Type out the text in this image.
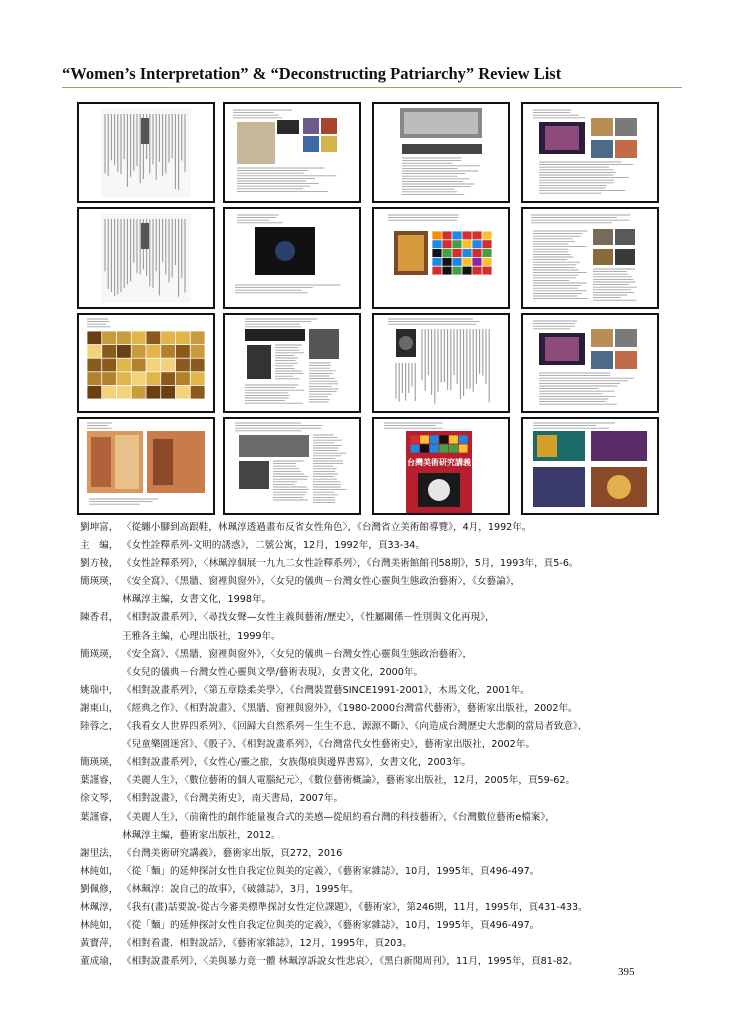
“Women’s Interpretation” & “Deconstructing Patriarchy” Review List
台灣美術研究講義
劉坤富， 〈從纏小腳到高跟鞋，林珮淳透過畫布反省女性角色〉，《台灣省立美術館導覽》，4月，1992年。
主　編， 《女性詮釋系列-文明的誘惑》，二號公寓，12月，1992年，頁33-34。
劉方稜， 《女性詮釋系列》，〈林珮淳個展一九九二女性詮釋系列〉，《台灣美術館館刊58期》，5月，1993年，頁5-6。
簡瑛瑛， 《安全窩》、《黑牆、窗裡與窗外》，〈女兒的儀典－台灣女性心靈與生態政治藝術〉，《女藝論》，
林珮淳主編，女書文化，1998年。
陳香君， 《相對說畫系列》，〈尋找女聲—女性主義與藝術/歷史〉，《性屬關係－性別與文化再現》，
王雅各主編，心理出版社，1999年。
簡瑛瑛， 《安全窩》、《黑牆、窗裡與窗外》，〈女兒的儀典－台灣女性心靈與生態政治藝術〉，
《女兒的儀典－台灣女性心靈與文學/藝術表現》，女書文化，2000年。
姚瑞中， 《相對說畫系列》，〈第五章陰柔美學〉，《台灣裝置藝SINCE1991-2001》，木馬文化，2001年。
謝東山， 《經典之作》、《相對說畫》、《黑牆、窗裡與窗外》，《1980-2000台灣當代藝術》，藝術家出版社，2002年。
陸蓉之， 《我看女人世界四系列》、《回歸大自然系列－生生不息、源源不斷》、《向造成台灣歷史大悲劇的當局者致意》、
《兒童樂園迷宮》、《骰子》、《相對說畫系列》，《台灣當代女性藝術史》，藝術家出版社，2002年。
簡瑛瑛， 《相對說畫系列》，《女性心/靈之旅，女族傷痕與邊界書寫》，女書文化，2003年。
葉謹睿， 《美麗人生》，〈數位藝術的個人電腦紀元〉，《數位藝術概論》，藝術家出版社，12月，2005年，頁59-62。
徐文琴， 《相對說畫》，《台灣美術史》，南天書局，2007年。
葉謹睿， 《美麗人生》，〈前衛性的創作能量複合式的美感—從紐約看台灣的科技藝術〉，《台灣數位藝術e檔案》，
林珮淳主編，藝術家出版社，2012。
謝里法， 《台灣美術研究講義》，藝術家出版，頁272，2016
林純如， 〈從「麵」的延伸探討女性自我定位與美的定義〉，《藝術家雜誌》，10月，1995年，頁496-497。
劉佩修， 《林珮淳：說自己的故事》，《破雜誌》，3月，1995年。
林珮淳， 《我有(畫)話要說-從古今審美標準探討女性定位課題》，《藝術家》，第246期，11月，1995年，頁431-433。
林純如， 《從「麵」的延伸探討女性自我定位與美的定義》，《藝術家雜誌》，10月，1995年，頁496-497。
黃寶萍， 《相對看畫．相對說話》，《藝術家雜誌》，12月，1995年，頁203。
董成瑜， 《相對說畫系列》，〈美與暴力竟一體 林珮淳訴說女性悲哀〉，《黑白新聞周刊》，11月，1995年，頁81-82。
395
